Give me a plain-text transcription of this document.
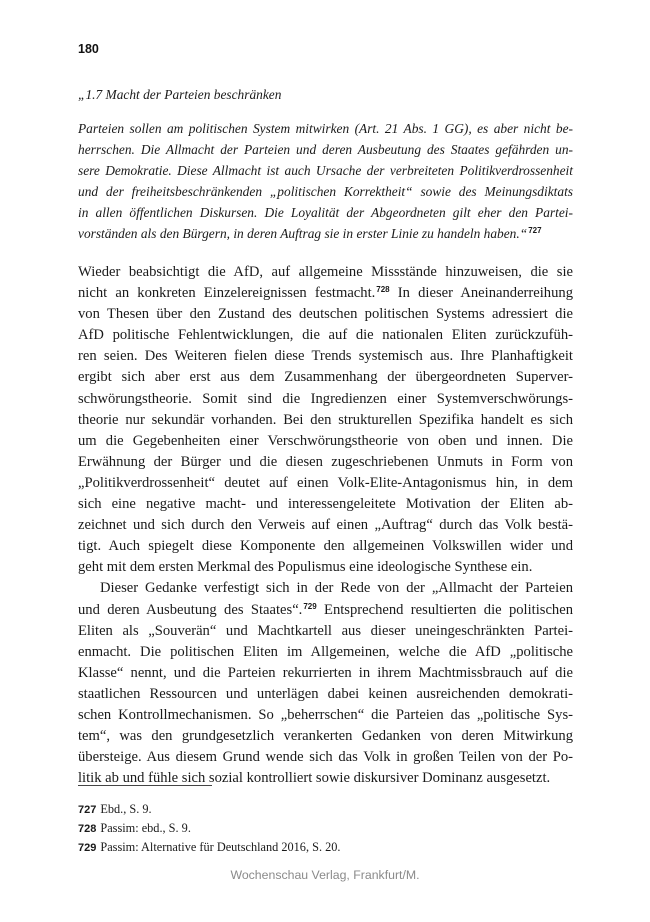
180

„1.7 Macht der Parteien beschränken

Parteien sollen am politischen System mitwirken (Art. 21 Abs. 1 GG), es aber nicht be-
herrschen. Die Allmacht der Parteien und deren Ausbeutung des Staates gefährden un-
sere Demokratie. Diese Allmacht ist auch Ursache der verbreiteten Politikverdrossenheit
und der freiheitsbeschränkenden „politischen Korrektheit“ sowie des Meinungsdiktats
in allen öffentlichen Diskursen. Die Loyalität der Abgeordneten gilt eher den Partei-
vorständen als den Bürgern, in deren Auftrag sie in erster Linie zu handeln haben.“$^{727}$

Wieder beabsichtigt die AfD, auf allgemeine Missstände hinzuweisen, die sie
nicht an konkreten Einzelereignissen festmacht.$^{728}$ In dieser Aneinanderreihung
von Thesen über den Zustand des deutschen politischen Systems adressiert die
AfD politische Fehlentwicklungen, die auf die nationalen Eliten zurückzufüh-
ren seien. Des Weiteren fielen diese Trends systemisch aus. Ihre Planhaftigkeit
ergibt sich aber erst aus dem Zusammenhang der übergeordneten Superver-
schwörungstheorie. Somit sind die Ingredienzen einer Systemverschwörungs-
theorie nur sekundär vorhanden. Bei den strukturellen Spezifika handelt es sich
um die Gegebenheiten einer Verschwörungstheorie von oben und innen. Die
Erwähnung der Bürger und die diesen zugeschriebenen Unmuts in Form von
„Politikverdrossenheit“ deutet auf einen Volk-Elite-Antagonismus hin, in dem
sich eine negative macht- und interessengeleitete Motivation der Eliten ab-
zeichnet und sich durch den Verweis auf einen „Auftrag“ durch das Volk bestä-
tigt. Auch spiegelt diese Komponente den allgemeinen Volkswillen wider und
geht mit dem ersten Merkmal des Populismus eine ideologische Synthese ein.

Dieser Gedanke verfestigt sich in der Rede von der „Allmacht der Parteien
und deren Ausbeutung des Staates“.$^{729}$ Entsprechend resultierten die politischen
Eliten als „Souverän“ und Machtkartell aus dieser uneingeschränkten Partei-
enmacht. Die politischen Eliten im Allgemeinen, welche die AfD „politische
Klasse“ nennt, und die Parteien rekurrierten in ihrem Machtmissbrauch auf die
staatlichen Ressourcen und unterlägen dabei keinen ausreichenden demokrati-
schen Kontrollmechanismen. So „beherrschen“ die Parteien das „politische Sys-
tem“, was den grundgesetzlich verankerten Gedanken von deren Mitwirkung
übersteige. Aus diesem Grund wende sich das Volk in großen Teilen von der Po-
litik ab und fühle sich sozial kontrolliert sowie diskursiver Dominanz ausgesetzt.

727 Ebd., S. 9.

728 Passim: ebd., S. 9.

729 Passim: Alternative für Deutschland 2016, S. 20.

Wochenschau Verlag, Frankfurt/M.
